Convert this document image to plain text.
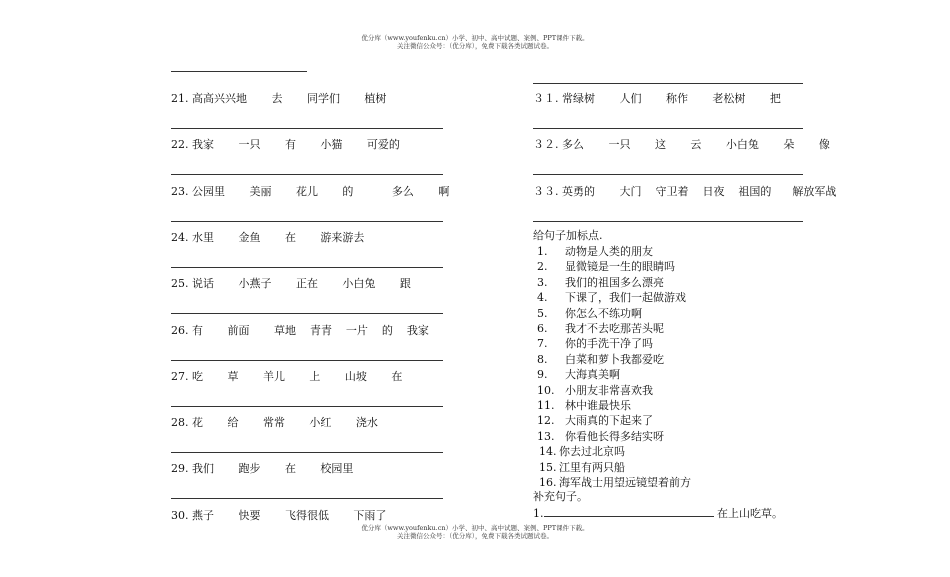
优分库（www.youfenku.cn）小学、初中、高中试题、案例、PPT课件下载。
关注微信公众号：（优分库），免费下载各类试题试卷。
21. 高高兴兴地       去       同学们       植树
22. 我家       一只       有       小猫       可爱的
23. 公园里       美丽       花儿       的           多么       啊
24. 水里       金鱼       在       游来游去
25. 说话       小燕子       正在       小白兔       跟
26. 有       前面       草地    青青    一片    的    我家
27. 吃       草       羊儿       上       山坡       在
28. 花       给       常常       小红       浇水
29. 我们       跑步       在       校园里
30. 燕子       快要       飞得很低       下雨了
３１. 常绿树       人们       称作       老松树       把
３２. 多么       一只       这       云       小白兔       朵       像
３３. 英勇的       大门    守卫着    日夜    祖国的      解放军战
给句子加标点.
1. 动物是人类的朋友
2. 显微镜是一生的眼睛吗
3. 我们的祖国多么漂亮
4. 下课了，我们一起做游戏
5. 你怎么不练功啊
6. 我才不去吃那苦头呢
7. 你的手洗干净了吗
8. 白菜和萝卜我都爱吃
9. 大海真美啊
10. 小朋友非常喜欢我
11. 林中谁最快乐
12. 大雨真的下起来了
13. 你看他长得多结实呀
14. 你去过北京吗
15. 江里有两只船
16. 海军战士用望远镜望着前方
补充句子。
1.	在上山吃草。
优分库（www.youfenku.cn）小学、初中、高中试题、案例、PPT课件下载。
关注微信公众号：（优分库），免费下载各类试题试卷。
